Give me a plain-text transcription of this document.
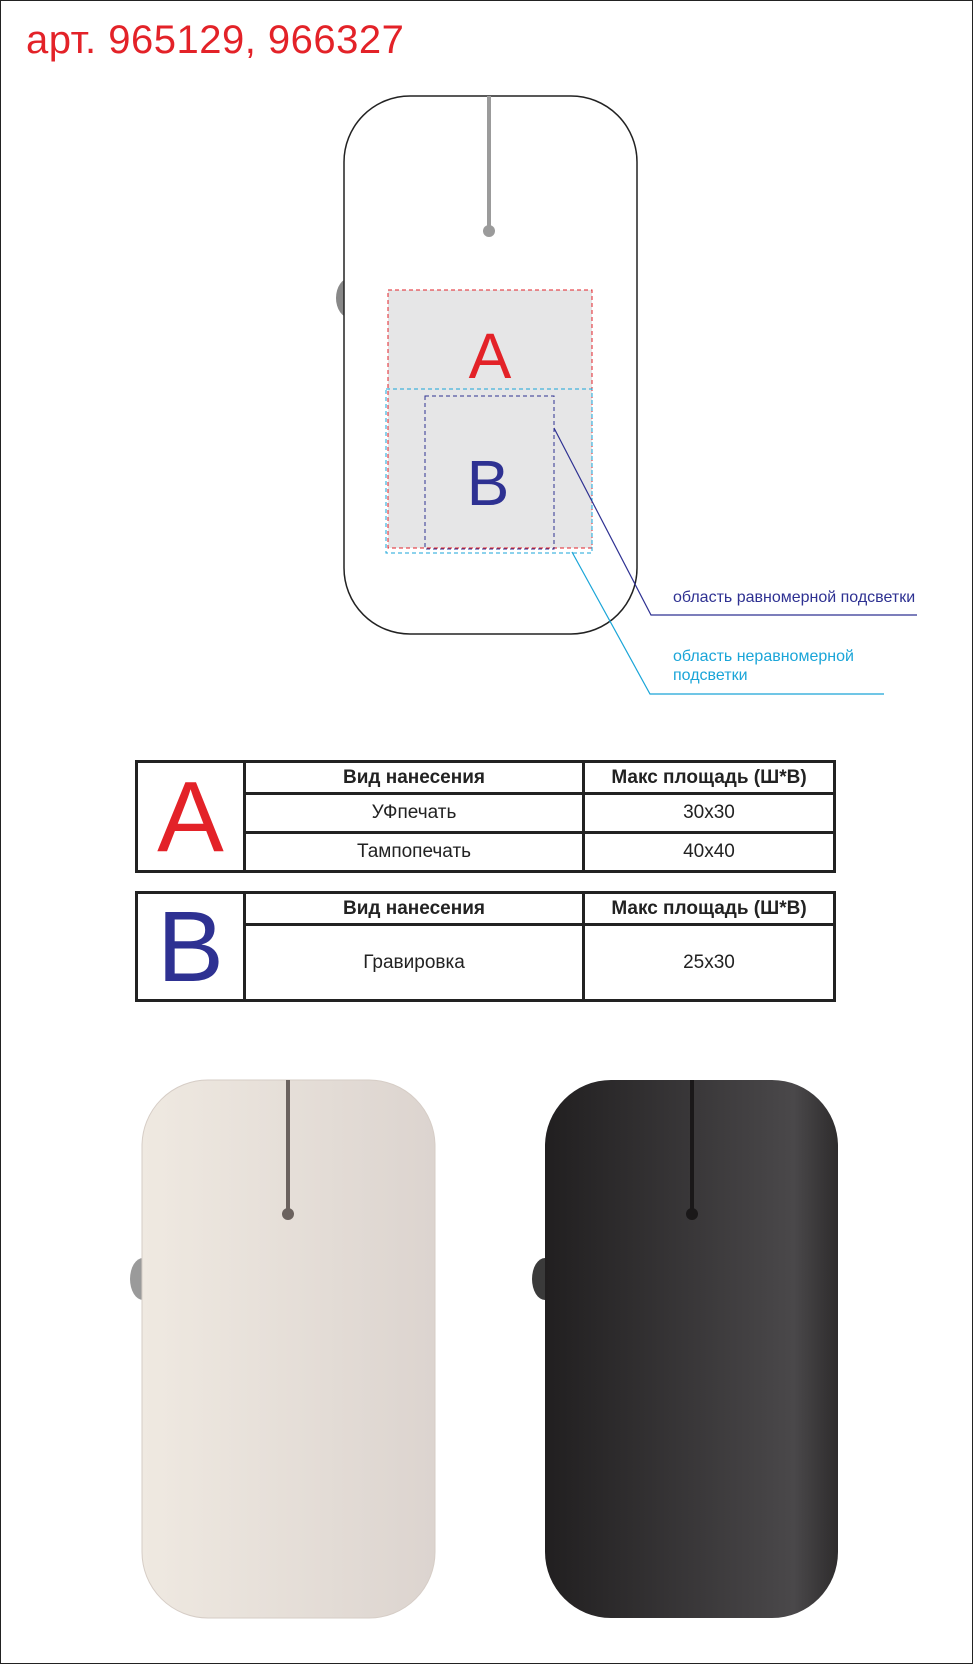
арт. 965129, 966327
A
B
область равномерной подсветки
область неравномерной
подсветки
A	Вид нанесения	Макс площадь (Ш*В)
	УФпечать	30x30
	Тампопечать	40x40
B	Вид нанесения	Макс площадь (Ш*В)
	Гравировка	25x30
